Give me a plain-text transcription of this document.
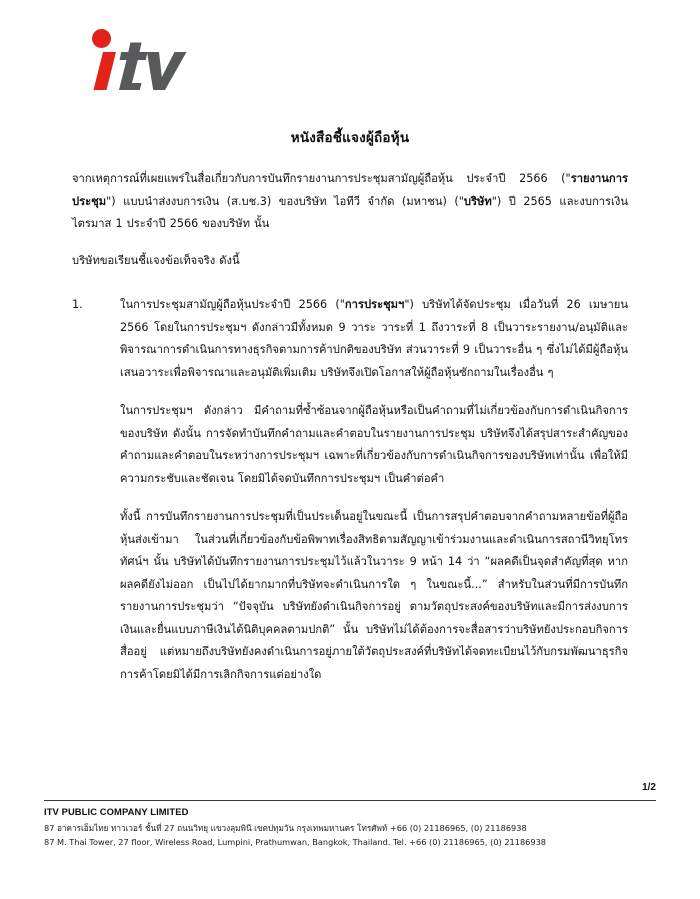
หนังสือชี้แจงผู้ถือหุ้น

จากเหตุการณ์ที่เผยแพร่ในสื่อเกี่ยวกับการบันทึกรายงานการประชุมสามัญผู้ถือหุ้น ประจำปี 2566 ("รายงานการประชุม") แบบนำส่งงบการเงิน (ส.บช.3) ของบริษัท ไอทีวี จำกัด (มหาชน) ("บริษัท") ปี 2565 และงบการเงินไตรมาส 1 ประจำปี 2566 ของบริษัท นั้น

บริษัทขอเรียนชี้แจงข้อเท็จจริง ดังนี้

1.	ในการประชุมสามัญผู้ถือหุ้นประจำปี 2566 ("การประชุมฯ") บริษัทได้จัดประชุม เมื่อวันที่ 26 เมษายน 2566 โดยในการประชุมฯ ดังกล่าวมีทั้งหมด 9 วาระ วาระที่ 1 ถึงวาระที่ 8 เป็นวาระรายงาน/อนุมัติและพิจารณาการดำเนินการทางธุรกิจตามการค้าปกติของบริษัท ส่วนวาระที่ 9 เป็นวาระอื่น ๆ ซึ่งไม่ได้มีผู้ถือหุ้นเสนอวาระเพื่อพิจารณาและอนุมัติเพิ่มเติม บริษัทจึงเปิดโอกาสให้ผู้ถือหุ้นซักถามในเรื่องอื่น ๆ

ในการประชุมฯ ดังกล่าว มีคำถามที่ซ้ำซ้อนจากผู้ถือหุ้นหรือเป็นคำถามที่ไม่เกี่ยวข้องกับการดำเนินกิจการของบริษัท ดังนั้น การจัดทำบันทึกคำถามและคำตอบในรายงานการประชุม บริษัทจึงได้สรุปสาระสำคัญของคำถามและคำตอบในระหว่างการประชุมฯ เฉพาะที่เกี่ยวข้องกับการดำเนินกิจการของบริษัทเท่านั้น เพื่อให้มีความกระชับและชัดเจน โดยมิได้จดบันทึกการประชุมฯ เป็นคำต่อคำ

ทั้งนี้ การบันทึกรายงานการประชุมที่เป็นประเด็นอยู่ในขณะนี้ เป็นการสรุปคำตอบจากคำถามหลายข้อที่ผู้ถือหุ้นส่งเข้ามา ในส่วนที่เกี่ยวข้องกับข้อพิพาทเรื่องสิทธิตามสัญญาเข้าร่วมงานและดำเนินการสถานีวิทยุโทรทัศน์ฯ นั้น บริษัทได้บันทึกรายงานการประชุมไว้แล้วในวาระ 9 หน้า 14 ว่า “ผลคดีเป็นจุดสำคัญที่สุด หากผลคดียังไม่ออก เป็นไปได้ยากมากที่บริษัทจะดำเนินการใด ๆ ในขณะนี้...” สำหรับในส่วนที่มีการบันทึกรายงานการประชุมว่า “ปัจจุบัน บริษัทยังดำเนินกิจการอยู่ ตามวัตถุประสงค์ของบริษัทและมีการส่งงบการเงินและยื่นแบบภาษีเงินได้นิติบุคคลตามปกติ” นั้น บริษัทไม่ได้ต้องการจะสื่อสารว่าบริษัทยังประกอบกิจการสื่ออยู่ แต่หมายถึงบริษัทยังคงดำเนินการอยู่ภายใต้วัตถุประสงค์ที่บริษัทได้จดทะเบียนไว้กับกรมพัฒนาธุรกิจการค้าโดยมิได้มีการเลิกกิจการแต่อย่างใด

1/2
ITV PUBLIC COMPANY LIMITED
87 อาคารเอ็มไทย ทาวเวอร์ ชั้นที่ 27 ถนนวิทยุ แขวงลุมพินี เขตปทุมวัน กรุงเทพมหานคร โทรศัพท์ +66 (0) 21186965, (0) 21186938
87 M. Thai Tower, 27 floor, Wireless Road, Lumpini, Prathumwan, Bangkok, Thailand. Tel. +66 (0) 21186965, (0) 21186938
